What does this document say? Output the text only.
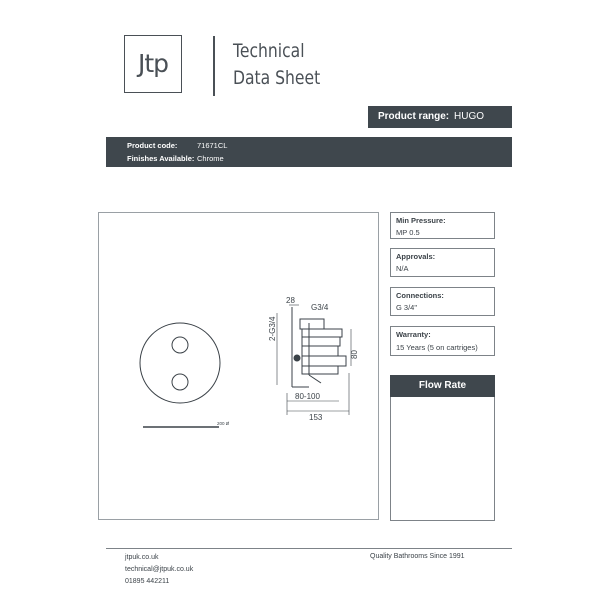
Jtp	Technical
Data Sheet
Product range: HUGO
Product code:	71671CL
Finishes Available: Chrome
200 Ø
28
G3/4
2-G3/4
80
80-100
153
Min Pressure:
MP 0.5
Approvals:
N/A
Connections:
G 3/4"
Warranty:
15 Years (5 on cartriges)
Flow Rate
jtpuk.co.uk
technical@jtpuk.co.uk
01895 442211
Quality Bathrooms Since 1991
